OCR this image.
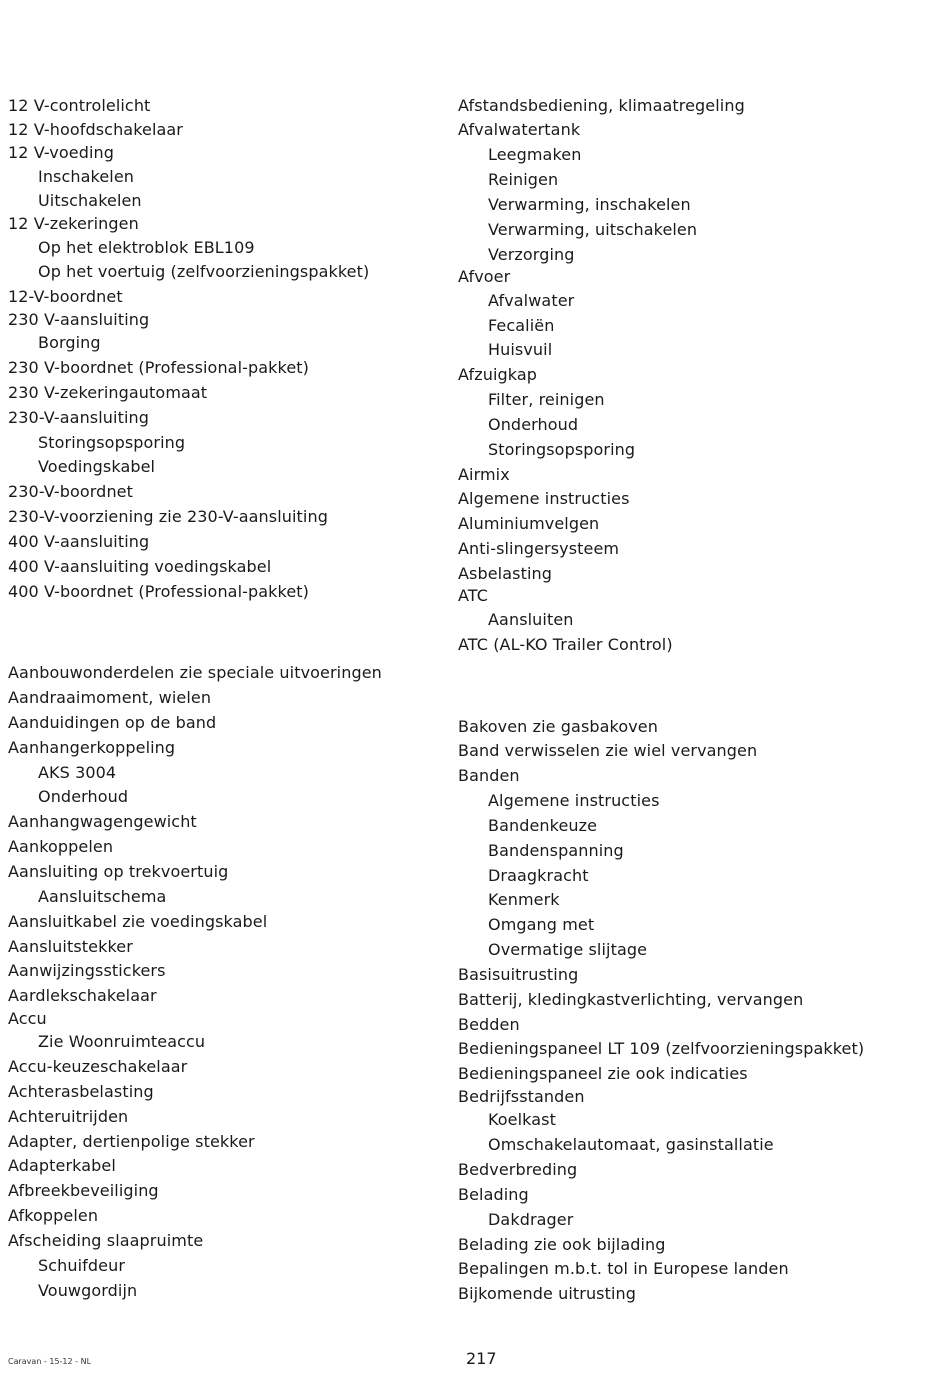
12 V-controlelicht
12 V-hoofdschakelaar
12 V-voeding
Inschakelen
Uitschakelen
12 V-zekeringen
Op het elektroblok EBL109
Op het voertuig (zelfvoorzieningspakket)
12-V-boordnet
230 V-aansluiting
Borging
230 V-boordnet (Professional-pakket)
230 V-zekeringautomaat
230-V-aansluiting
Storingsopsporing
Voedingskabel
230-V-boordnet
230-V-voorziening zie 230-V-aansluiting
400 V-aansluiting
400 V-aansluiting voedingskabel
400 V-boordnet (Professional-pakket)
Aanbouwonderdelen zie speciale uitvoeringen
Aandraaimoment, wielen
Aanduidingen op de band
Aanhangerkoppeling
AKS 3004
Onderhoud
Aanhangwagengewicht
Aankoppelen
Aansluiting op trekvoertuig
Aansluitschema
Aansluitkabel zie voedingskabel
Aansluitstekker
Aanwijzingsstickers
Aardlekschakelaar
Accu
Zie Woonruimteaccu
Accu-keuzeschakelaar
Achterasbelasting
Achteruitrijden
Adapter, dertienpolige stekker
Adapterkabel
Afbreekbeveiliging
Afkoppelen
Afscheiding slaapruimte
Schuifdeur
Vouwgordijn
Afstandsbediening, klimaatregeling
Afvalwatertank
Leegmaken
Reinigen
Verwarming, inschakelen
Verwarming, uitschakelen
Verzorging
Afvoer
Afvalwater
Fecaliën
Huisvuil
Afzuigkap
Filter, reinigen
Onderhoud
Storingsopsporing
Airmix
Algemene instructies
Aluminiumvelgen
Anti-slingersysteem
Asbelasting
ATC
Aansluiten
ATC (AL-KO Trailer Control)
Bakoven zie gasbakoven
Band verwisselen zie wiel vervangen
Banden
Algemene instructies
Bandenkeuze
Bandenspanning
Draagkracht
Kenmerk
Omgang met
Overmatige slijtage
Basisuitrusting
Batterij, kledingkastverlichting, vervangen
Bedden
Bedieningspaneel LT 109 (zelfvoorzieningspakket)
Bedieningspaneel zie ook indicaties
Bedrijfsstanden
Koelkast
Omschakelautomaat, gasinstallatie
Bedverbreding
Belading
Dakdrager
Belading zie ook bijlading
Bepalingen m.b.t. tol in Europese landen
Bijkomende uitrusting
Caravan - 15-12 - NL	217
